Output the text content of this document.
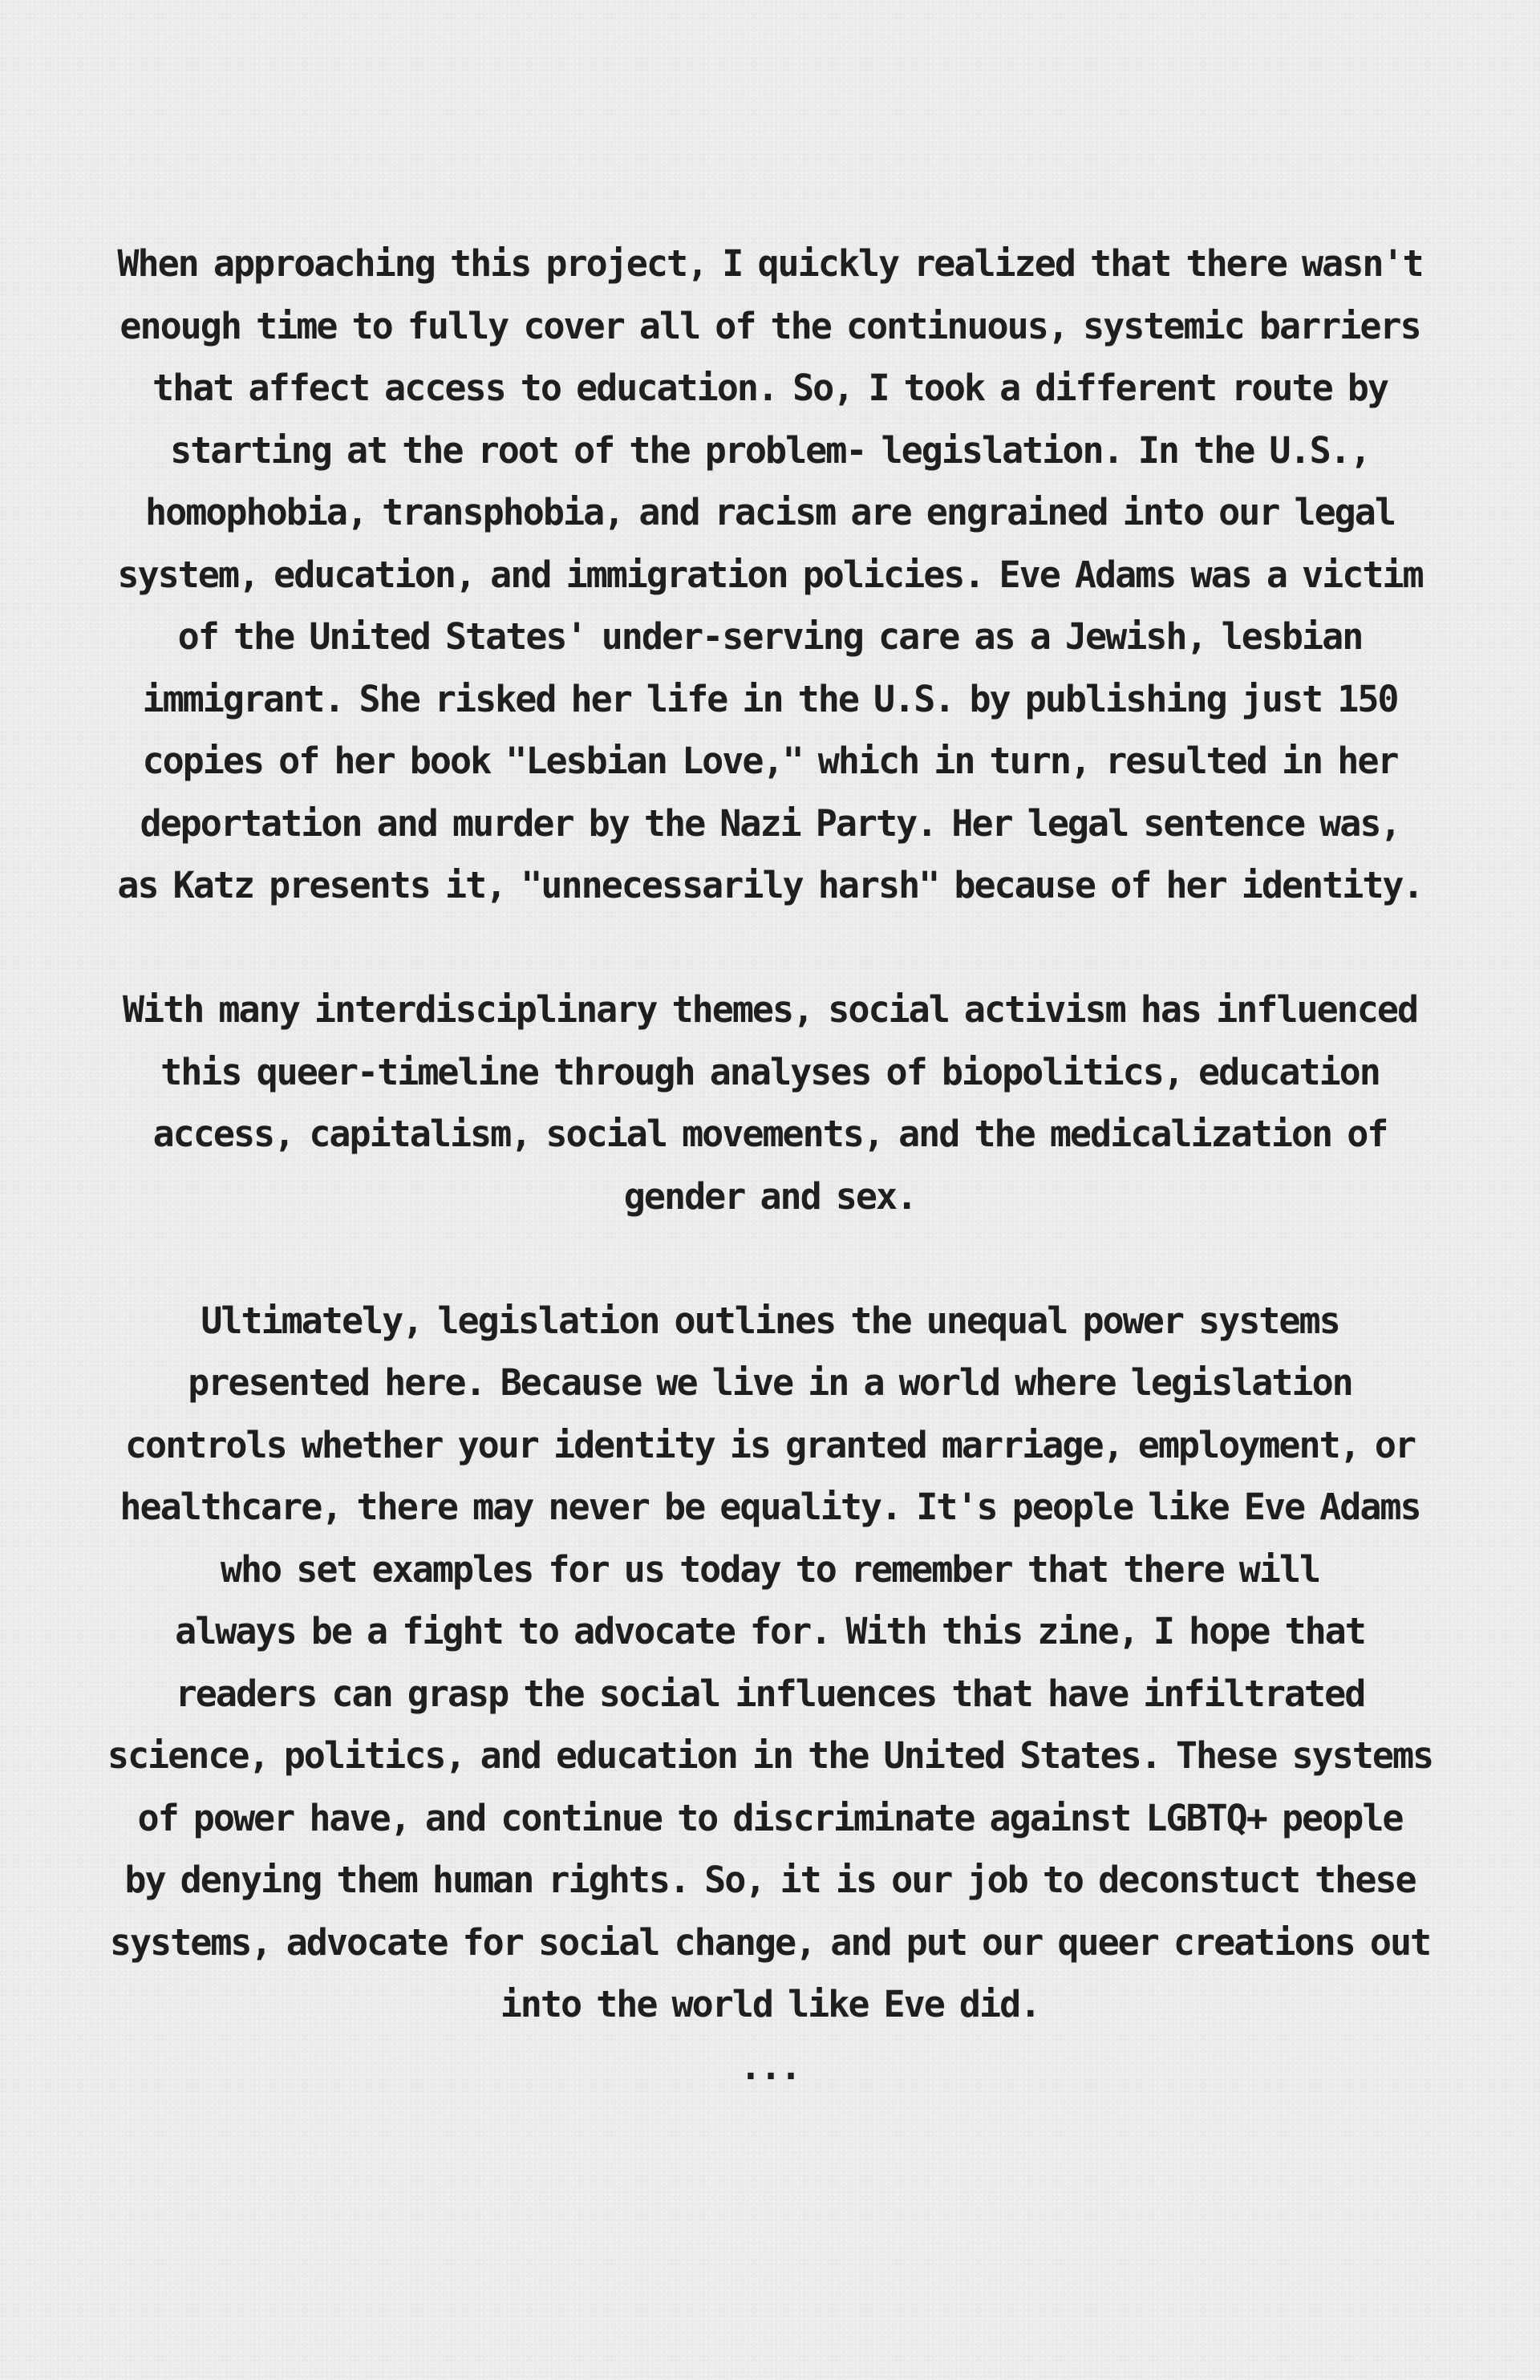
When approaching this project, I quickly realized that there wasn't
enough time to fully cover all of the continuous, systemic barriers
that affect access to education. So, I took a different route by
starting at the root of the problem- legislation. In the U.S.,
homophobia, transphobia, and racism are engrained into our legal
system, education, and immigration policies. Eve Adams was a victim
of the United States' under-serving care as a Jewish, lesbian
immigrant. She risked her life in the U.S. by publishing just 150
copies of her book "Lesbian Love," which in turn, resulted in her
deportation and murder by the Nazi Party. Her legal sentence was,
as Katz presents it, "unnecessarily harsh" because of her identity.

With many interdisciplinary themes, social activism has influenced
this queer-timeline through analyses of biopolitics, education
access, capitalism, social movements, and the medicalization of
gender and sex.

Ultimately, legislation outlines the unequal power systems
presented here. Because we live in a world where legislation
controls whether your identity is granted marriage, employment, or
healthcare, there may never be equality. It's people like Eve Adams
who set examples for us today to remember that there will
always be a fight to advocate for. With this zine, I hope that
readers can grasp the social influences that have infiltrated
science, politics, and education in the United States. These systems
of power have, and continue to discriminate against LGBTQ+ people
by denying them human rights. So, it is our job to deconstuct these
systems, advocate for social change, and put our queer creations out
into the world like Eve did.

...
